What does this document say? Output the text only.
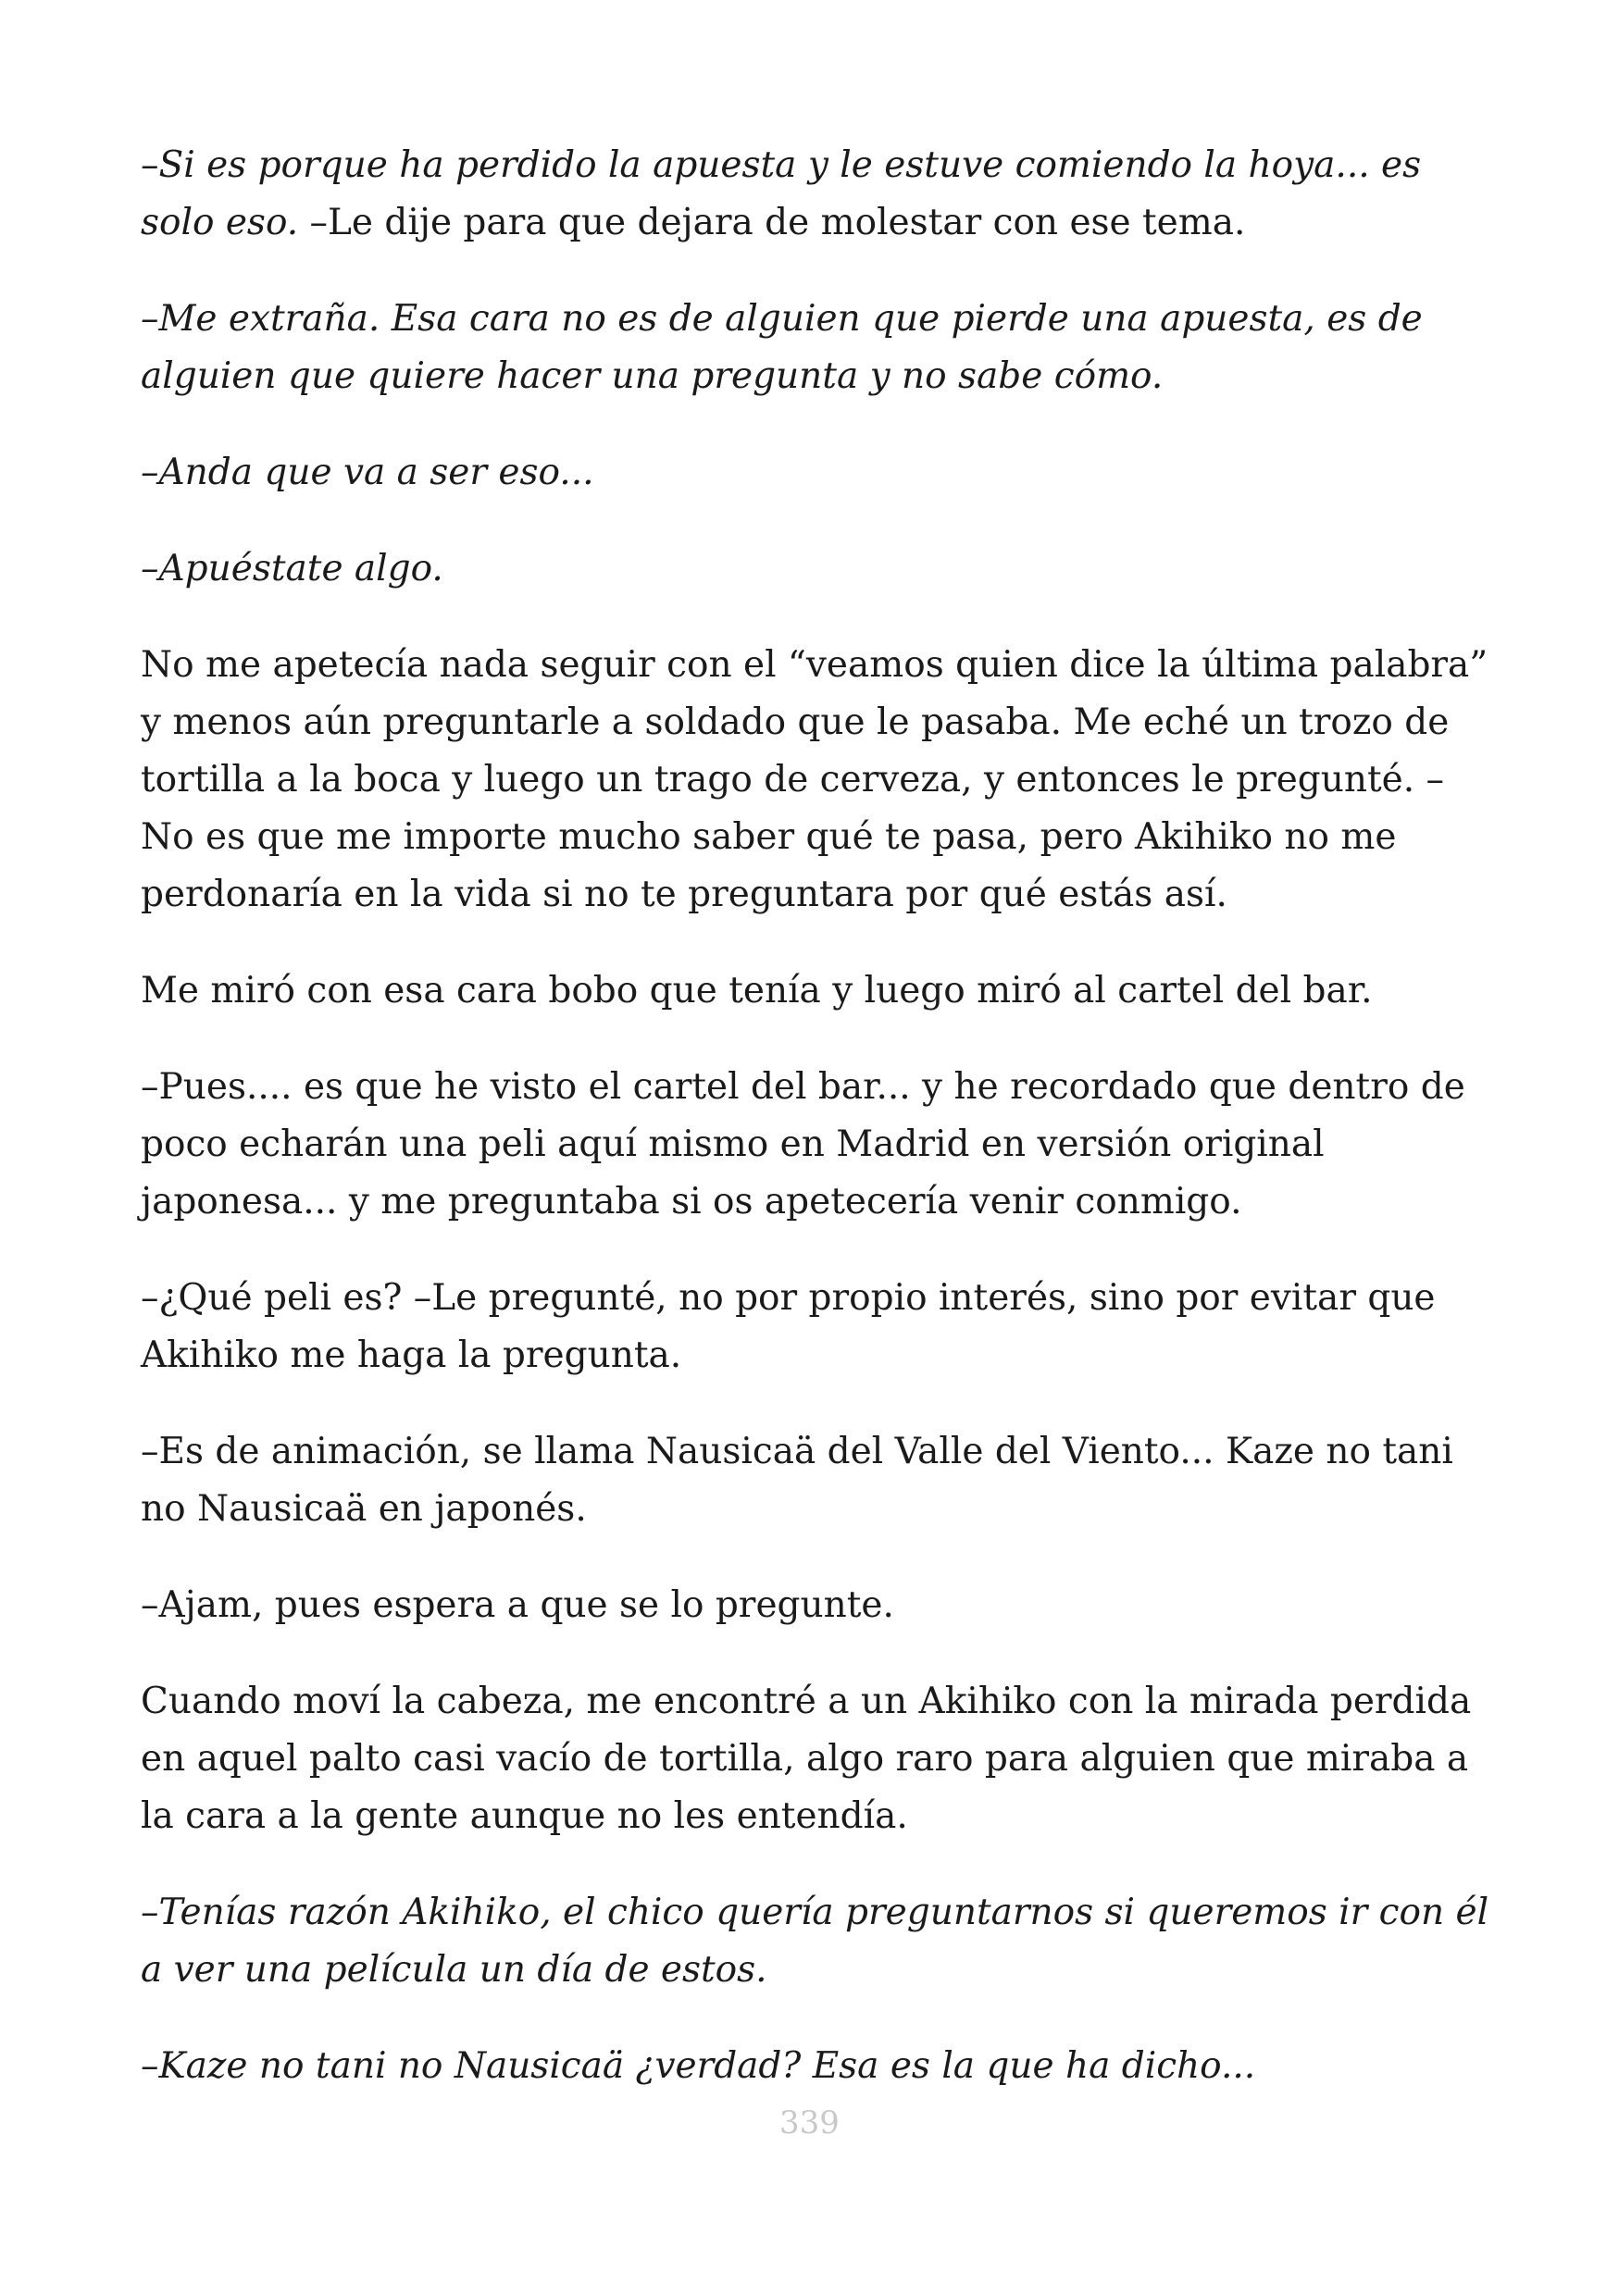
–Si es porque ha perdido la apuesta y le estuve comiendo la hoya... es solo eso. –Le dije para que dejara de molestar con ese tema.

–Me extraña. Esa cara no es de alguien que pierde una apuesta, es de alguien que quiere hacer una pregunta y no sabe cómo.

–Anda que va a ser eso...

–Apuéstate algo.

No me apetecía nada seguir con el “veamos quien dice la última palabra” y menos aún preguntarle a soldado que le pasaba. Me eché un trozo de tortilla a la boca y luego un trago de cerveza, y entonces le pregunté. –No es que me importe mucho saber qué te pasa, pero Akihiko no me perdonaría en la vida si no te preguntara por qué estás así.

Me miró con esa cara bobo que tenía y luego miró al cartel del bar.

–Pues.... es que he visto el cartel del bar... y he recordado que dentro de poco echarán una peli aquí mismo en Madrid en versión original japonesa... y me preguntaba si os apetecería venir conmigo.

–¿Qué peli es? –Le pregunté, no por propio interés, sino por evitar que Akihiko me haga la pregunta.

–Es de animación, se llama Nausicaä del Valle del Viento... Kaze no tani no Nausicaä en japonés.

–Ajam, pues espera a que se lo pregunte.

Cuando moví la cabeza, me encontré a un Akihiko con la mirada perdida en aquel palto casi vacío de tortilla, algo raro para alguien que miraba a la cara a la gente aunque no les entendía.

–Tenías razón Akihiko, el chico quería preguntarnos si queremos ir con él a ver una película un día de estos.

–Kaze no tani no Nausicaä ¿verdad? Esa es la que ha dicho...

339
